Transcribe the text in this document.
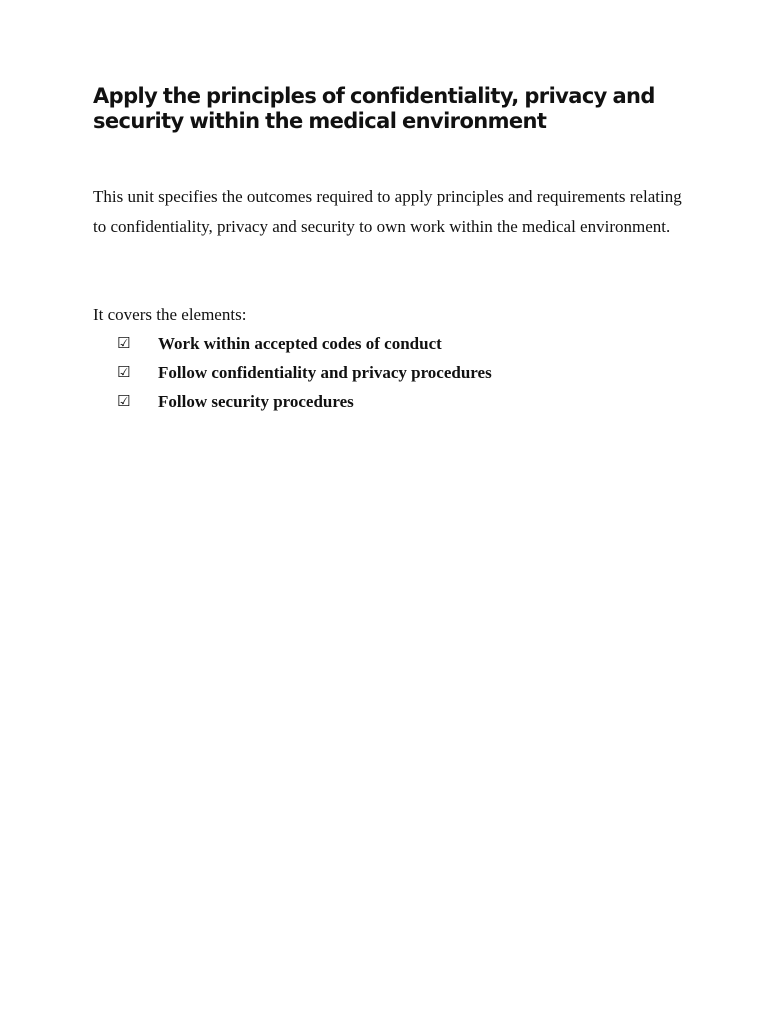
Apply the principles of confidentiality, privacy and security within the medical environment

This unit specifies the outcomes required to apply principles and requirements relating to confidentiality, privacy and security to own work within the medical environment.

It covers the elements:

☑	Work within accepted codes of conduct
☑	Follow confidentiality and privacy procedures
☑	Follow security procedures
